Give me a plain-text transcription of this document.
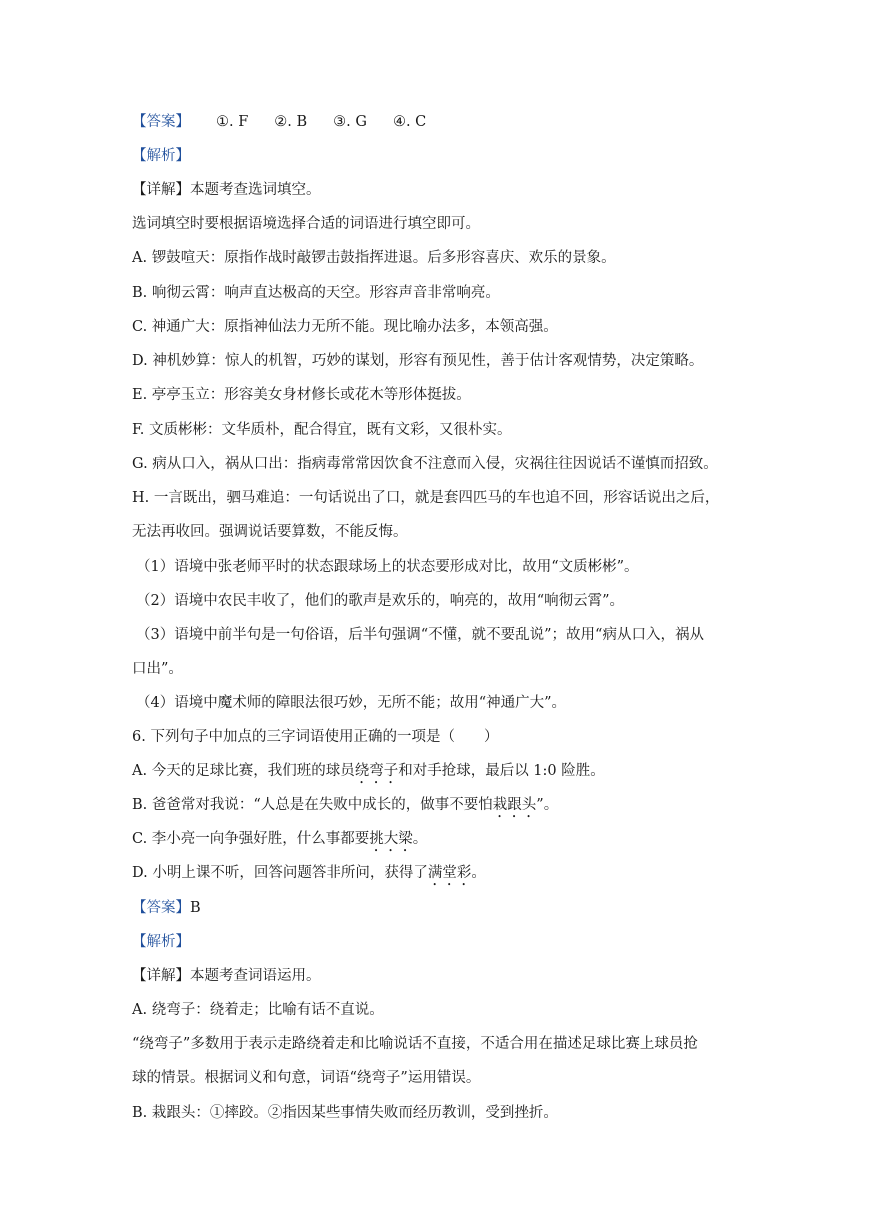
【答案】 ①. F ②. B ③. G ④. C
【解析】
【详解】本题考查选词填空。
选词填空时要根据语境选择合适的词语进行填空即可。
A. 锣鼓喧天：原指作战时敲锣击鼓指挥进退。后多形容喜庆、欢乐的景象。
B. 响彻云霄：响声直达极高的天空。形容声音非常响亮。
C. 神通广大：原指神仙法力无所不能。现比喻办法多，本领高强。
D. 神机妙算：惊人的机智，巧妙的谋划，形容有预见性，善于估计客观情势，决定策略。
E. 亭亭玉立：形容美女身材修长或花木等形体挺拔。
F. 文质彬彬：文华质朴，配合得宜，既有文彩，又很朴实。
G. 病从口入，祸从口出：指病毒常常因饮食不注意而入侵，灾祸往往因说话不谨慎而招致。
H. 一言既出，驷马难追：一句话说出了口，就是套四匹马的车也追不回，形容话说出之后，
无法再收回。强调说话要算数，不能反悔。
（1）语境中张老师平时的状态跟球场上的状态要形成对比，故用“文质彬彬”。
（2）语境中农民丰收了，他们的歌声是欢乐的，响亮的，故用“响彻云霄”。
（3）语境中前半句是一句俗语，后半句强调“不懂，就不要乱说”；故用“病从口入，祸从
口出”。
（4）语境中魔术师的障眼法很巧妙，无所不能；故用“神通广大”。
6. 下列句子中加点的三字词语使用正确的一项是（　　）
A. 今天的足球比赛，我们班的球员绕弯子和对手抢球，最后以 1:0 险胜。
B. 爸爸常对我说：“人总是在失败中成长的，做事不要怕栽跟头”。
C. 李小亮一向争强好胜，什么事都要挑大梁。
D. 小明上课不听，回答问题答非所问，获得了满堂彩。
【答案】B
【解析】
【详解】本题考查词语运用。
A. 绕弯子：绕着走；比喻有话不直说。
“绕弯子”多数用于表示走路绕着走和比喻说话不直接，不适合用在描述足球比赛上球员抢
球的情景。根据词义和句意，词语“绕弯子”运用错误。
B. 栽跟头：①摔跤。②指因某些事情失败而经历教训，受到挫折。
